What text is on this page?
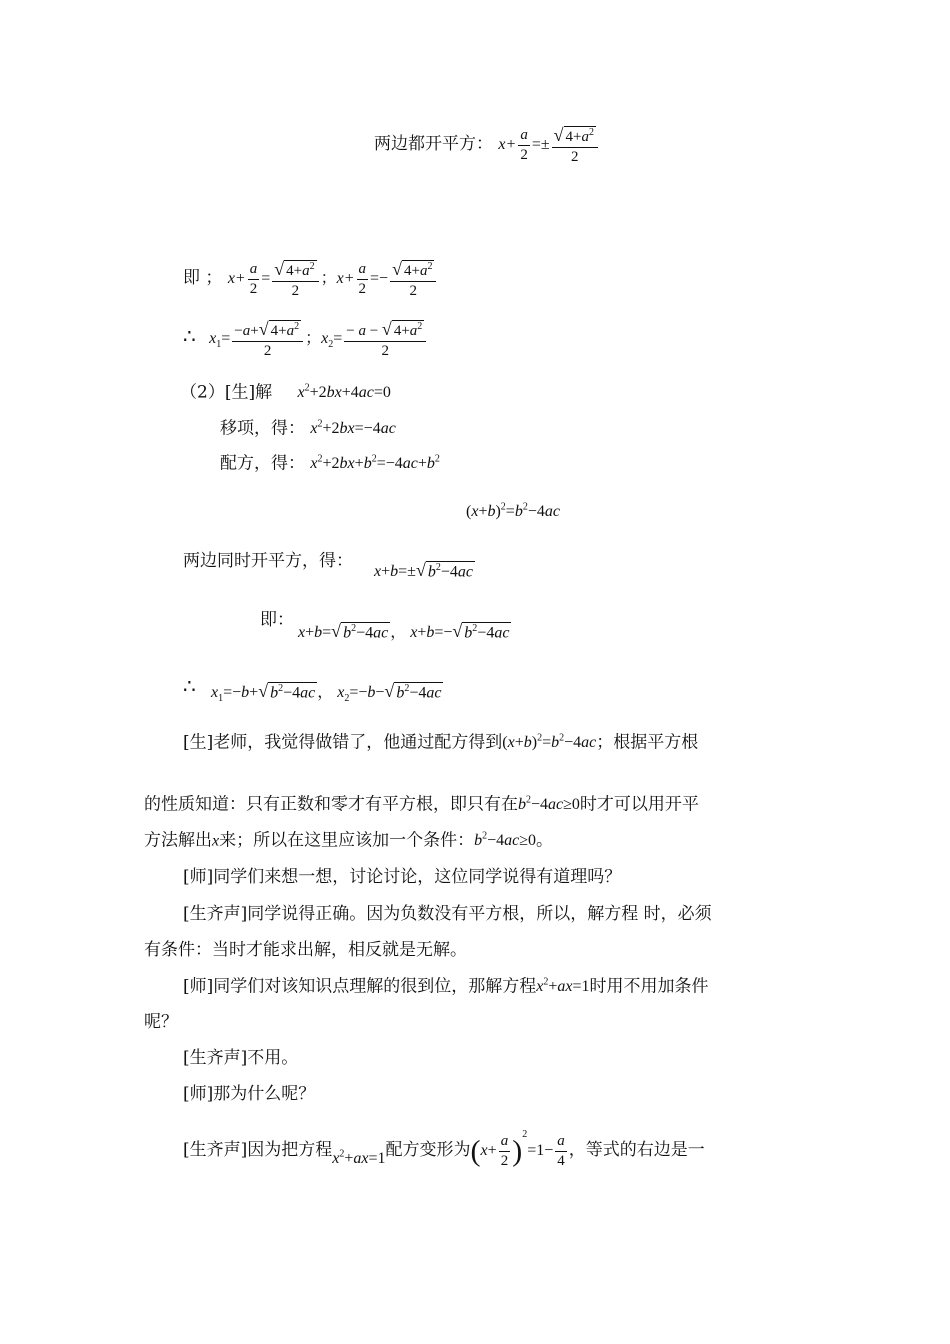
两边都开平方： $x+ \frac{a}{2} =\pm \frac{√ 4+a^2}{2}$
即 ； $x+ \frac{a}{2} = \frac{√ 4+a^2}{2}$ ；$x+ \frac{a}{2} =- \frac{√ 4+a^2}{2}$
∴ $x_1= \frac{-a+ √ 4+a^2}{2}$ ；$x_2= \frac{- a - √ 4+a^2}{2}$
（2）[生]解 $x^2+2bx+4ac=0$
移项，得： $x^2+2bx=-4ac$
配方，得： $x^2+2bx+b^2=-4ac+b^2$
$(x+b)^2=b^2-4ac$
两边同时开平方，得：
x+b=± √ $b^2-4ac$
即：
x+b= √ $b^2-4ac$ ， x+b=− √ $b^2-4ac$
∴ $x_1=-b+$ √ $b^2-4ac$ ， $x_2=-b-$ √ $b^2-4ac$
[生]老师，我觉得做错了，他通过配方得到$(x+b)^2=b^2-4ac$；根据平方根
的性质知道：只有正数和零才有平方根，即只有在$b^2-4ac\ge 0$时才可以用开平
方法解出x来；所以在这里应该加一个条件：$b^2-4ac\ge 0$。
[师]同学们来想一想，讨论讨论，这位同学说得有道理吗？
[生齐声]同学说得正确。因为负数没有平方根，所以，解方程 时，必须
有条件：当时才能求出解，相反就是无解。
[师]同学们对该知识点理解的很到位，那解方程$x^2+ax=1$时用不用加条件
呢？
[生齐声]不用。
[师]那为什么呢？
[生齐声]因为把方程$x^2+ax=1$配方变形为$(x+ \frac{a}{2} )^2=1- \frac{a}{4}$ ，等式的右边是一
